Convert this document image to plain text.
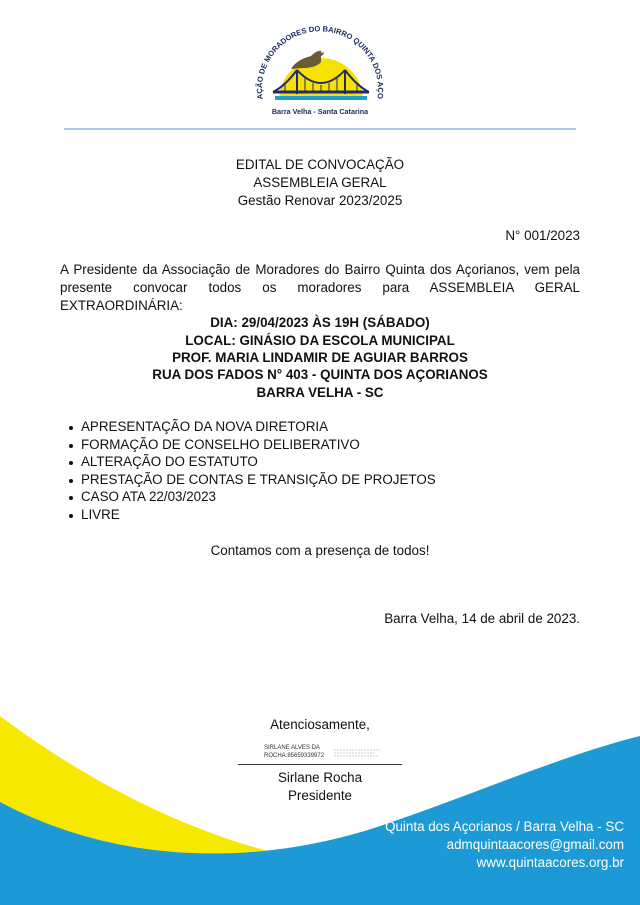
AÇÃO DE MORADORES DO BAIRRO QUINTA DOS AÇO
Barra Velha - Santa Catarina
EDITAL DE CONVOCAÇÃO
ASSEMBLEIA GERAL
Gestão Renovar 2023/2025
N° 001/2023
A Presidente da Associação de Moradores do Bairro Quinta dos Açorianos, vem pela presente convocar todos os moradores para ASSEMBLEIA GERAL EXTRAORDINÁRIA:
DIA: 29/04/2023 ÀS 19H (SÁBADO)
LOCAL: GINÁSIO DA ESCOLA MUNICIPAL
PROF. MARIA LINDAMIR DE AGUIAR BARROS
RUA DOS FADOS N° 403 - QUINTA DOS AÇORIANOS
BARRA VELHA - SC
APRESENTAÇÃO DA NOVA DIRETORIA
FORMAÇÃO DE CONSELHO DELIBERATIVO
ALTERAÇÃO DO ESTATUTO
PRESTAÇÃO DE CONTAS E TRANSIÇÃO DE PROJETOS
CASO ATA 22/03/2023
LIVRE
Contamos com a presença de todos!
Barra Velha, 14 de abril de 2023.
Atenciosamente,
SIRLANE ALVES DA
ROCHA:85659339972
Sirlane Rocha
Presidente
Quinta dos Açorianos / Barra Velha - SC
admquintaacores@gmail.com
www.quintaacores.org.br
